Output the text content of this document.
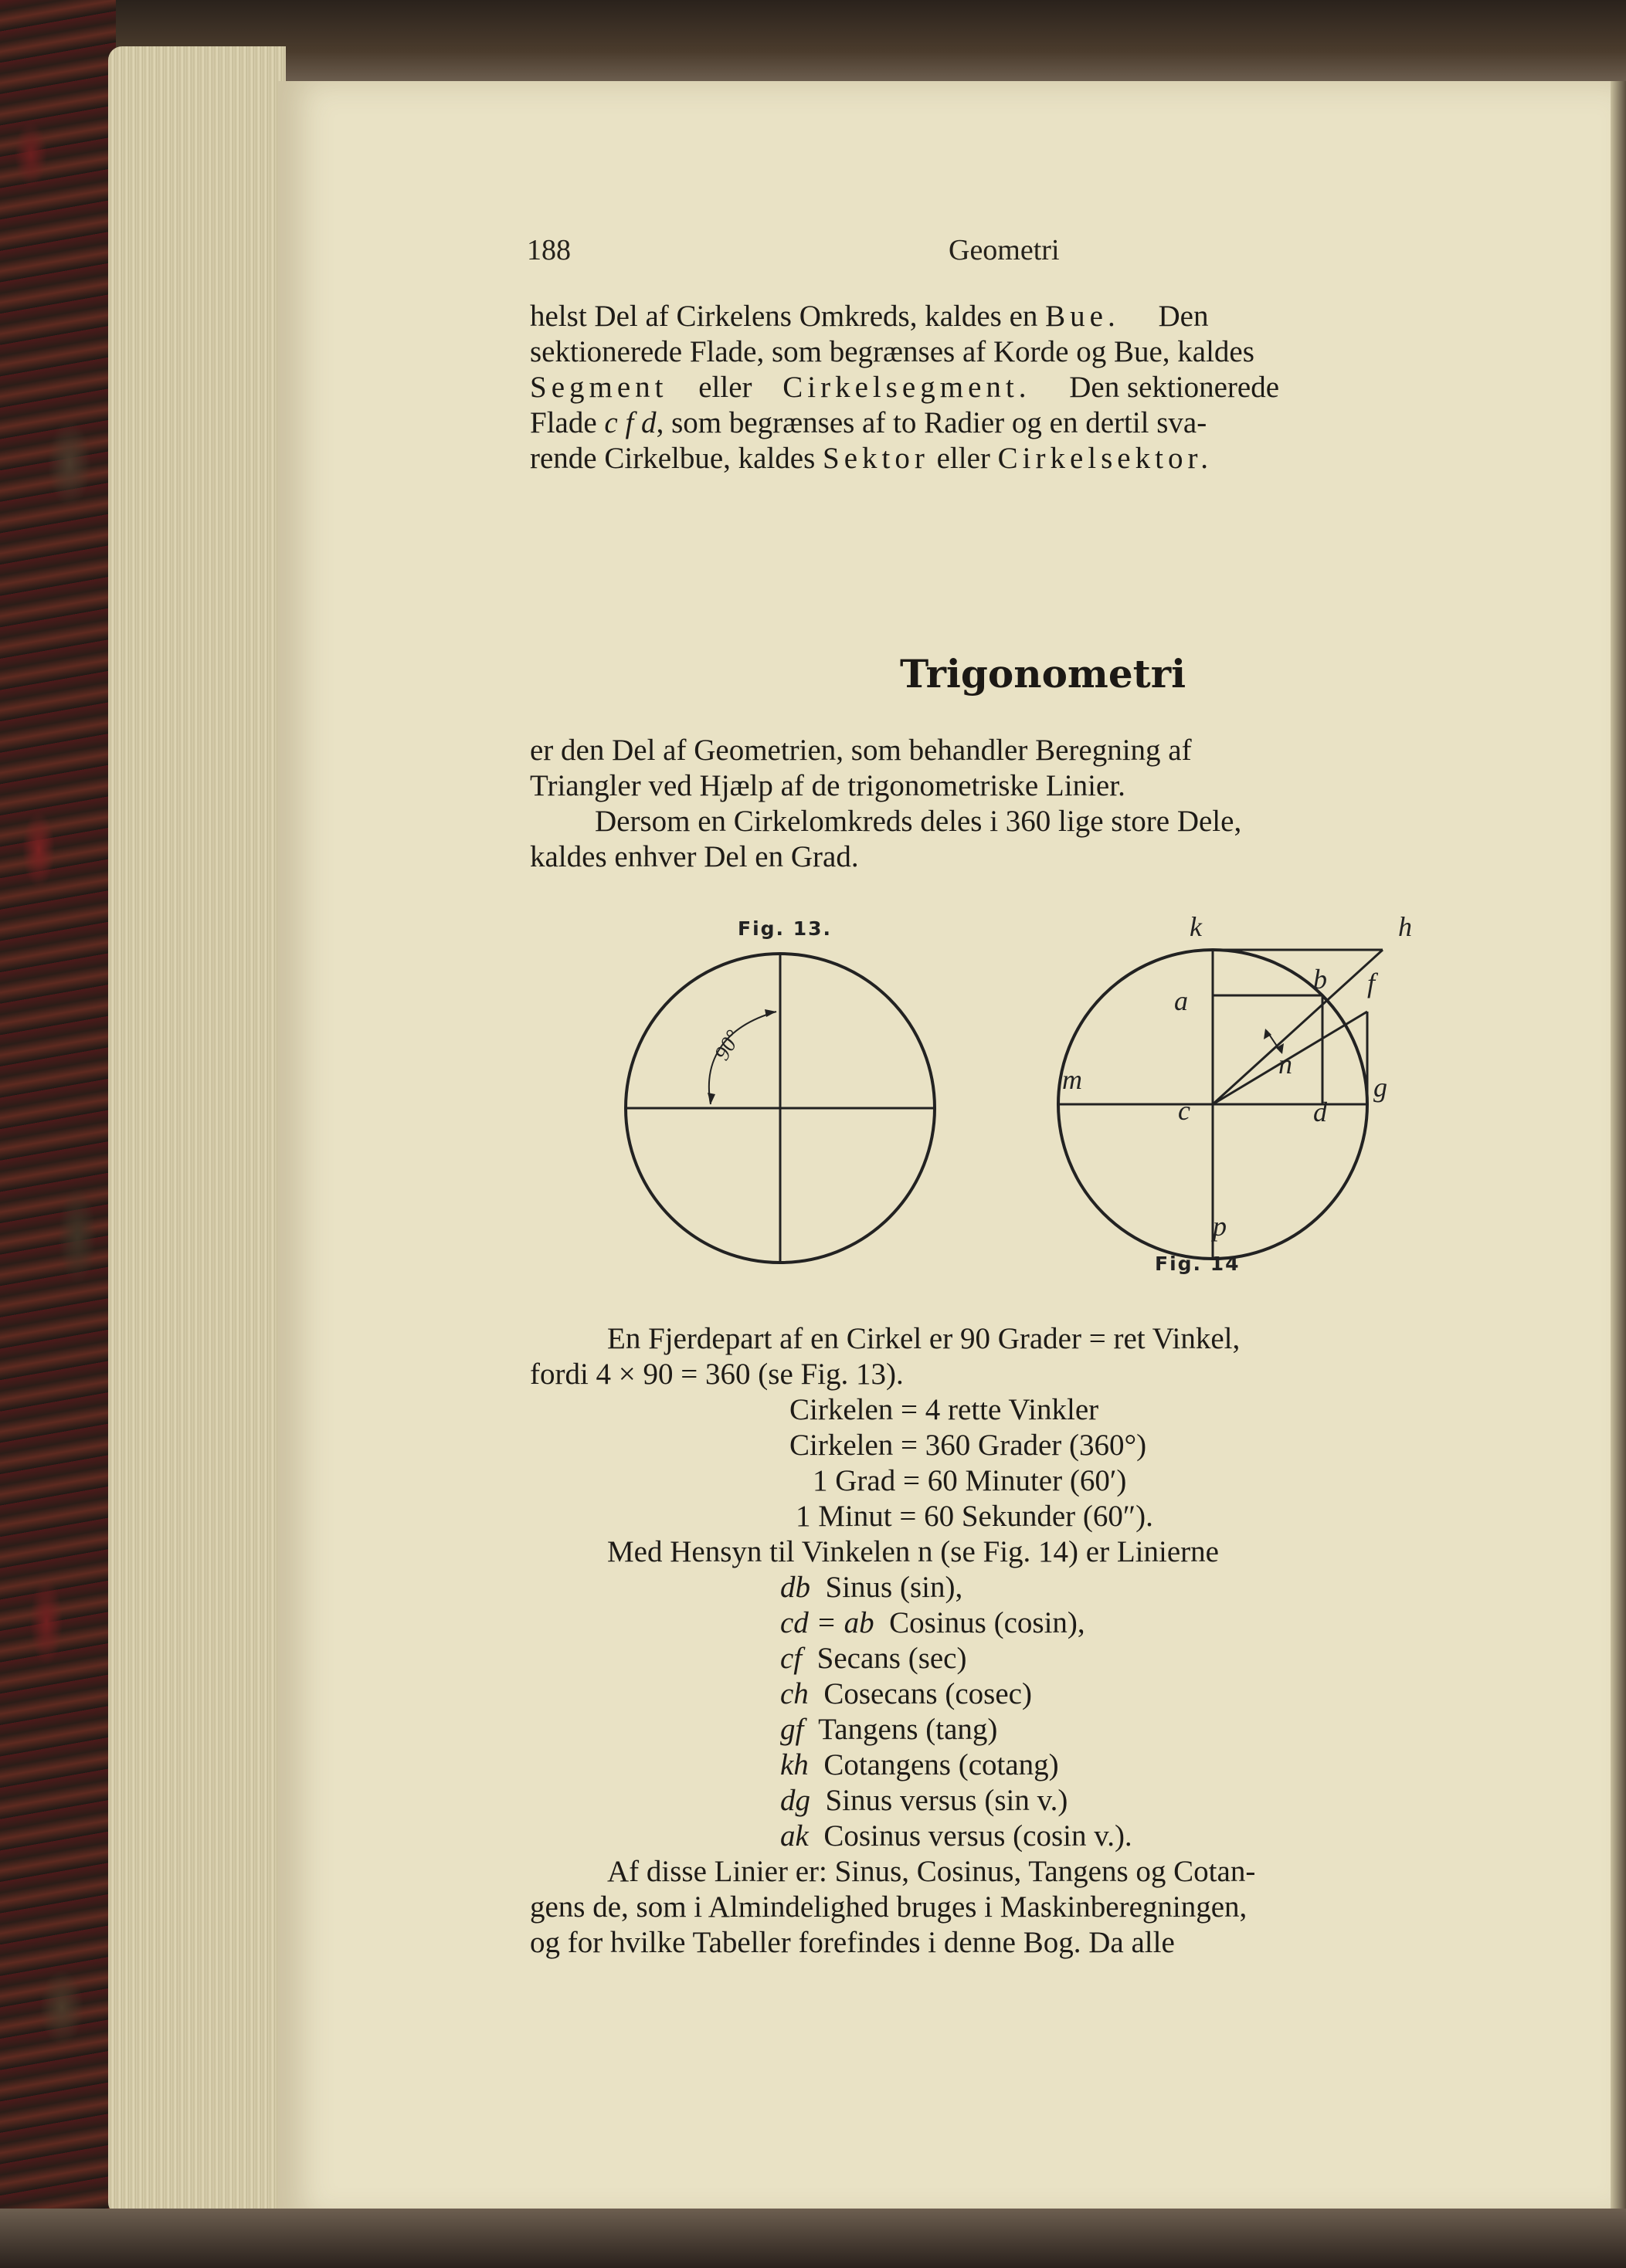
188	Geometri
helst Del af Cirkelens Omkreds, kaldes en Bue. Den
sektionerede Flade, som begrænses af Korde og Bue, kaldes
Segment eller Cirkelsegment. Den sektionerede
Flade c f d, som begrænses af to Radier og en dertil sva-
rende Cirkelbue, kaldes Sektor eller Cirkelsektor.
Trigonometri
er den Del af Geometrien, som behandler Beregning af
Triangler ved Hjælp af de trigonometriske Linier.
Dersom en Cirkelomkreds deles i 360 lige store Dele,
kaldes enhver Del en Grad.
Fig. 13.
90°
k	h
b f
a
n
m	g
c	d
p
Fig. 14
En Fjerdepart af en Cirkel er 90 Grader = ret Vinkel,
fordi 4 × 90 = 360 (se Fig. 13).
Cirkelen = 4 rette Vinkler
Cirkelen = 360 Grader (360°)
1 Grad = 60 Minuter (60′)
1 Minut = 60 Sekunder (60″).
Med Hensyn til Vinkelen n (se Fig. 14) er Linierne
db Sinus (sin),
cd = ab Cosinus (cosin),
cf Secans (sec)
ch Cosecans (cosec)
gf Tangens (tang)
kh Cotangens (cotang)
dg Sinus versus (sin v.)
ak Cosinus versus (cosin v.).
Af disse Linier er: Sinus, Cosinus, Tangens og Cotan-
gens de, som i Almindelighed bruges i Maskinberegningen,
og for hvilke Tabeller forefindes i denne Bog. Da alle
